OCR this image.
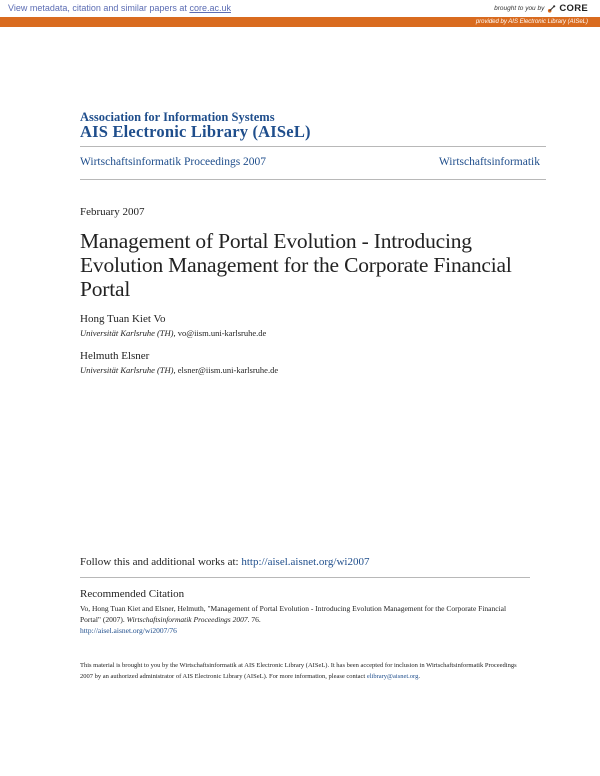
View metadata, citation and similar papers at core.ac.uk	brought to you by CORE
provided by AIS Electronic Library (AISeL)
Association for Information Systems
AIS Electronic Library (AISeL)
Wirtschaftsinformatik Proceedings 2007	Wirtschaftsinformatik
February 2007
Management of Portal Evolution - Introducing Evolution Management for the Corporate Financial Portal
Hong Tuan Kiet Vo
Universität Karlsruhe (TH), vo@iism.uni-karlsruhe.de
Helmuth Elsner
Universität Karlsruhe (TH), elsner@iism.uni-karlsruhe.de
Follow this and additional works at: http://aisel.aisnet.org/wi2007
Recommended Citation
Vo, Hong Tuan Kiet and Elsner, Helmuth, "Management of Portal Evolution - Introducing Evolution Management for the Corporate Financial Portal" (2007). Wirtschaftsinformatik Proceedings 2007. 76.
http://aisel.aisnet.org/wi2007/76
This material is brought to you by the Wirtschaftsinformatik at AIS Electronic Library (AISeL). It has been accepted for inclusion in Wirtschaftsinformatik Proceedings 2007 by an authorized administrator of AIS Electronic Library (AISeL). For more information, please contact elibrary@aisnet.org.
